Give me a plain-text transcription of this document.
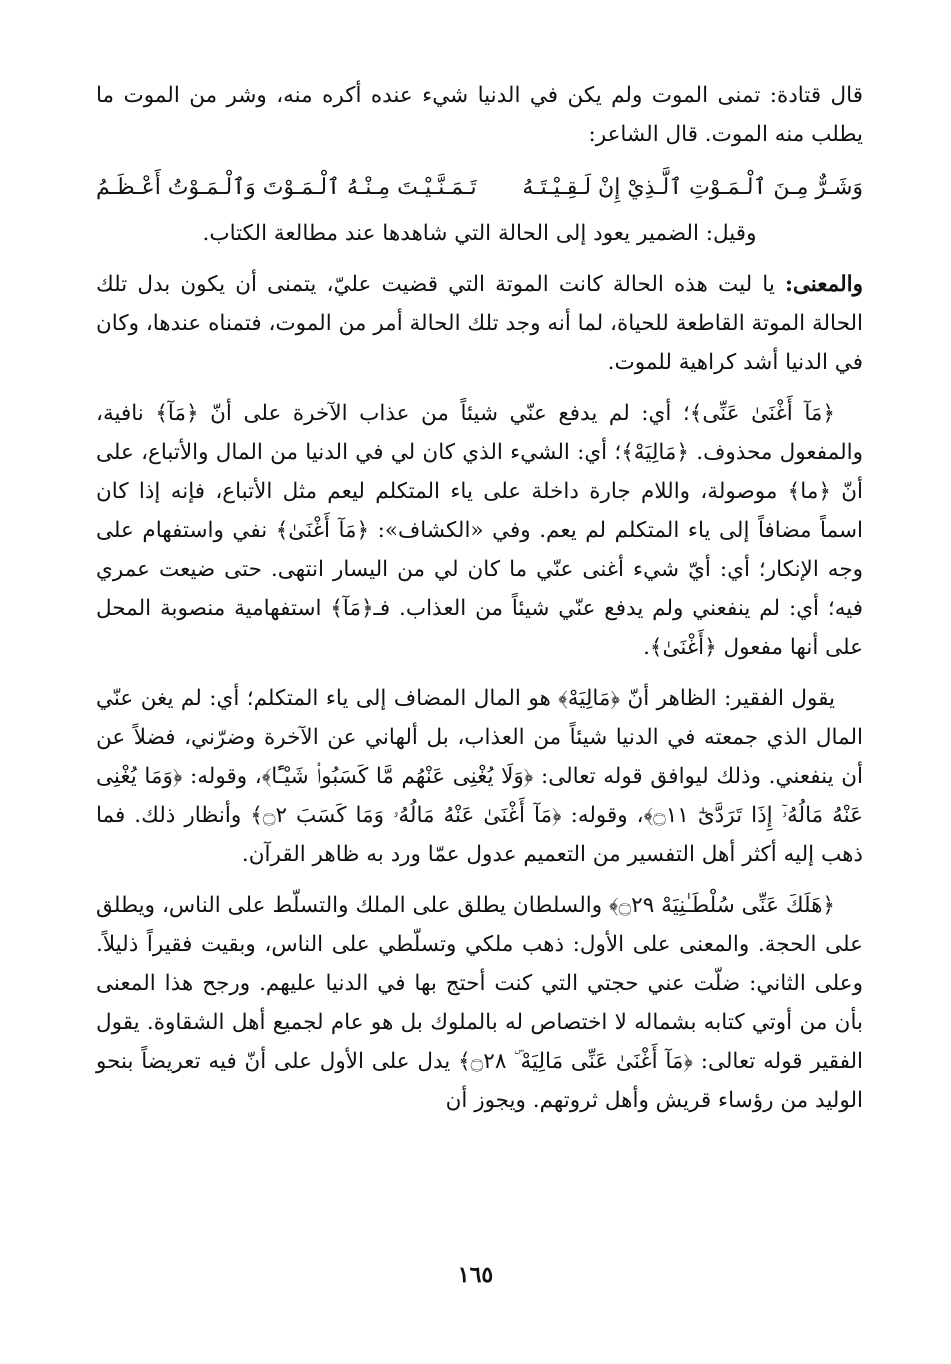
قال قتادة: تمنى الموت ولم يكن في الدنيا شيء عنده أكره منه، وشر من الموت ما يطلب منه الموت. قال الشاعر:

وَشَـرٌّ مِـنَ ٱلْـمَـوْتِ ٱلَّـذِيْ إِنْ لَـقِـيْـتَـهُ
تَـمَـنَّـيْـتَ مِـنْـهُ ٱلْـمَـوْتَ وَٱلْـمَـوْتُ أَعْـظَـمُ

وقيل: الضمير يعود إلى الحالة التي شاهدها عند مطالعة الكتاب.

والمعنى: يا ليت هذه الحالة كانت الموتة التي قضيت عليّ، يتمنى أن يكون بدل تلك الحالة الموتة القاطعة للحياة، لما أنه وجد تلك الحالة أمر من الموت، فتمناه عندها، وكان في الدنيا أشد كراهية للموت.

﴿مَآ أَغْنَىٰ عَنِّى﴾؛ أي: لم يدفع عنّي شيئاً من عذاب الآخرة على أنّ ﴿مَآ﴾ نافية، والمفعول محذوف. ﴿مَالِيَهْ﴾؛ أي: الشيء الذي كان لي في الدنيا من المال والأتباع، على أنّ ﴿ما﴾ موصولة، واللام جارة داخلة على ياء المتكلم ليعم مثل الأتباع، فإنه إذا كان اسماً مضافاً إلى ياء المتكلم لم يعم. وفي «الكشاف»: ﴿مَآ أَغْنَىٰ﴾ نفي واستفهام على وجه الإنكار؛ أي: أيّ شيء أغنى عنّي ما كان لي من اليسار انتهى. حتى ضيعت عمري فيه؛ أي: لم ينفعني ولم يدفع عنّي شيئاً من العذاب. فـ﴿مَآ﴾ استفهامية منصوبة المحل على أنها مفعول ﴿أَغْنَىٰ﴾.

يقول الفقير: الظاهر أنّ ﴿مَالِيَهْ﴾ هو المال المضاف إلى ياء المتكلم؛ أي: لم يغن عنّي المال الذي جمعته في الدنيا شيئاً من العذاب، بل ألهاني عن الآخرة وضرّني، فضلاً عن أن ينفعني. وذلك ليوافق قوله تعالى: ﴿وَلَا يُغْنِى عَنْهُم مَّا كَسَبُوا۟ شَيْـًٔا﴾، وقوله: ﴿وَمَا يُغْنِى عَنْهُ مَالُهُۥٓ إِذَا تَرَدَّىٰٓ ۝١١﴾، وقوله: ﴿مَآ أَغْنَىٰ عَنْهُ مَالُهُۥ وَمَا كَسَبَ ۝٢﴾ وأنظار ذلك. فما ذهب إليه أكثر أهل التفسير من التعميم عدول عمّا ورد به ظاهر القرآن.

﴿هَلَكَ عَنِّى سُلْطَـٰنِيَهْ ۝٢٩﴾ والسلطان يطلق على الملك والتسلّط على الناس، ويطلق على الحجة. والمعنى على الأول: ذهب ملكي وتسلّطي على الناس، وبقيت فقيراً ذليلاً. وعلى الثاني: ضلّت عني حجتي التي كنت أحتج بها في الدنيا عليهم. ورجح هذا المعنى بأن من أوتي كتابه بشماله لا اختصاص له بالملوك بل هو عام لجميع أهل الشقاوة. يقول الفقير قوله تعالى: ﴿مَآ أَغْنَىٰ عَنِّى مَالِيَهْ ۜ ۝٢٨﴾ يدل على الأول على أنّ فيه تعريضاً بنحو الوليد من رؤساء قريش وأهل ثروتهم. ويجوز أن

١٦٥
